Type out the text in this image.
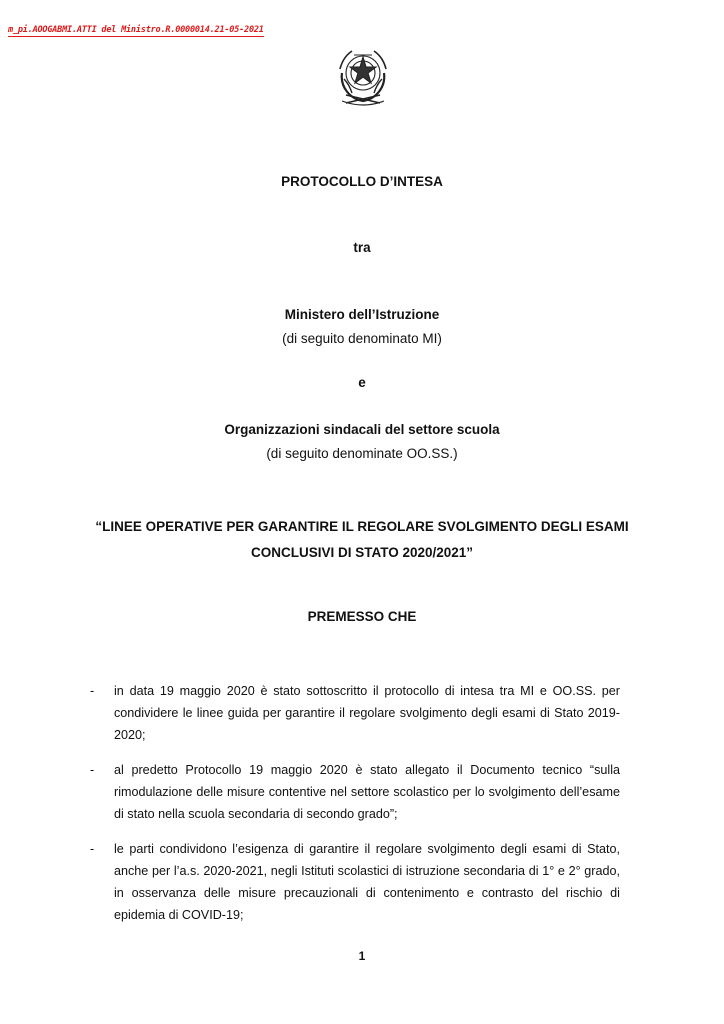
m_pi.AOOGABMI.ATTI del Ministro.R.0000014.21-05-2021
PROTOCOLLO D’INTESA
tra
Ministero dell’Istruzione
(di seguito denominato MI)
e
Organizzazioni sindacali del settore scuola
(di seguito denominate OO.SS.)
“LINEE OPERATIVE PER GARANTIRE IL REGOLARE SVOLGIMENTO DEGLI ESAMI
CONCLUSIVI DI STATO 2020/2021”
PREMESSO CHE
- in data 19 maggio 2020 è stato sottoscritto il protocollo di intesa tra MI e OO.SS. per condividere le linee guida per garantire il regolare svolgimento degli esami di Stato 2019-2020;
- al predetto Protocollo 19 maggio 2020 è stato allegato il Documento tecnico “sulla rimodulazione delle misure contentive nel settore scolastico per lo svolgimento dell’esame di stato nella scuola secondaria di secondo grado”;
- le parti condividono l’esigenza di garantire il regolare svolgimento degli esami di Stato, anche per l’a.s. 2020-2021, negli Istituti scolastici di istruzione secondaria di 1° e 2° grado, in osservanza delle misure precauzionali di contenimento e contrasto del rischio di epidemia di COVID-19;
1
